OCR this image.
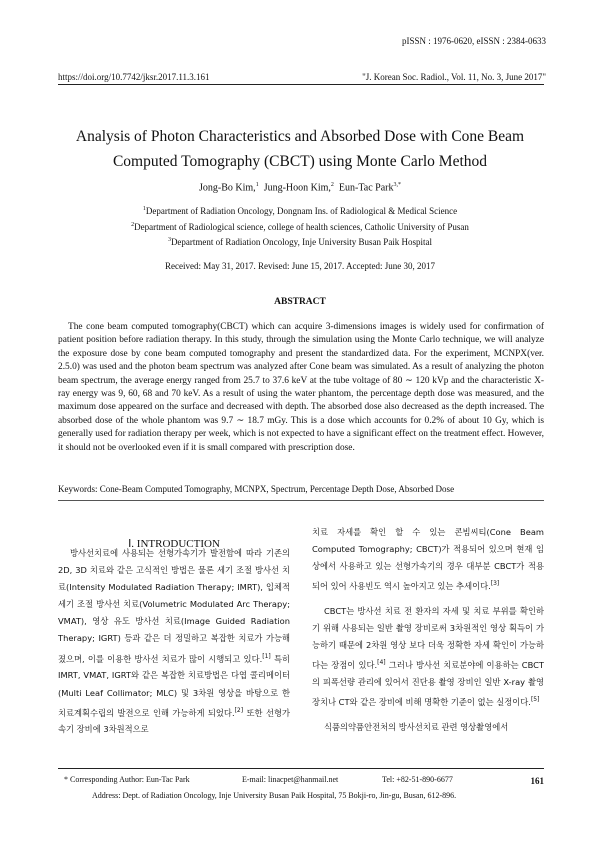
pISSN : 1976-0620, eISSN : 2384-0633
https://doi.org/10.7742/jksr.2017.11.3.161	"J. Korean Soc. Radiol., Vol. 11, No. 3, June 2017"
Analysis of Photon Characteristics and Absorbed Dose with Cone Beam
Computed Tomography (CBCT) using Monte Carlo Method
Jong-Bo Kim,$^1$ Jung-Hoon Kim,$^2$ Eun-Tac Park$^{3,*}$
$^1$Department of Radiation Oncology, Dongnam Ins. of Radiological & Medical Science
$^2$Department of Radiological science, college of health sciences, Catholic University of Pusan
$^3$Department of Radiation Oncology, Inje University Busan Paik Hospital
Received: May 31, 2017. Revised: June 15, 2017. Accepted: June 30, 2017
ABSTRACT

The cone beam computed tomography(CBCT) which can acquire 3-dimensions images is widely used for confirmation of patient position before radiation therapy. In this study, through the simulation using the Monte Carlo technique, we will analyze the exposure dose by cone beam computed tomography and present the standardized data. For the experiment, MCNPX(ver. 2.5.0) was used and the photon beam spectrum was analyzed after Cone beam was simulated. As a result of analyzing the photon beam spectrum, the average energy ranged from 25.7 to 37.6 keV at the tube voltage of 80 ∼ 120 kVp and the characteristic X-ray energy was 9, 60, 68 and 70 keV. As a result of using the water phantom, the percentage depth dose was measured, and the maximum dose appeared on the surface and decreased with depth. The absorbed dose also decreased as the depth increased. The absorbed dose of the whole phantom was 9.7 ∼ 18.7 mGy. This is a dose which accounts for 0.2% of about 10 Gy, which is generally used for radiation therapy per week, which is not expected to have a significant effect on the treatment effect. However, it should not be overlooked even if it is small compared with prescription dose.

Keywords: Cone-Beam Computed Tomography, MCNPX, Spectrum, Percentage Depth Dose, Absorbed Dose
Ⅰ. INTRODUCTION

방사선치료에 사용되는 선형가속기가 발전함에 따라 기존의 2D, 3D 치료와 같은 고식적인 방법은 물론 세기 조절 방사선 치료(Intensity Modulated Radiation Therapy; IMRT), 입체적 세기 조절 방사선 치료(Volumetric Modulated Arc Therapy; VMAT), 영상 유도 방사선 치료(Image Guided Radiation Therapy; IGRT) 등과 같은 더 정밀하고 복잡한 치료가 가능해졌으며, 이를 이용한 방사선 치료가 많이 시행되고 있다.[1] 특히 IMRT, VMAT, IGRT와 같은 복잡한 치료방법은 다엽 콜리메이터(Multi Leaf Collimator; MLC) 및 3차원 영상을 바탕으로 한 치료계획수립의 발전으로 인해 가능하게 되었다.[2] 또한 선형가속기 장비에 3차원적으로

치료 자세를 확인 할 수 있는 콘빔씨티(Cone Beam Computed Tomography; CBCT)가 적용되어 있으며 현재 임상에서 사용하고 있는 선형가속기의 경우 대부분 CBCT가 적용되어 있어 사용빈도 역시 높아지고 있는 추세이다.[3]

CBCT는 방사선 치료 전 환자의 자세 및 치료 부위를 확인하기 위해 사용되는 일반 촬영 장비로써 3차원적인 영상 획득이 가능하기 때문에 2차원 영상 보다 더욱 정확한 자세 확인이 가능하다는 장점이 있다.[4] 그러나 방사선 치료분야에 이용하는 CBCT의 피폭선량 관리에 있어서 진단용 촬영 장비인 일반 X-ray 촬영 장치나 CT와 같은 장비에 비해 명확한 기준이 없는 실정이다.[5]

식품의약품안전처의 방사선치료 관련 영상촬영에서

* Corresponding Author: Eun-Tac Park	E-mail: linacpet@hanmail.net	Tel: +82-51-890-6677
Address: Dept. of Radiation Oncology, Inje University Busan Paik Hospital, 75 Bokji-ro, Jin-gu, Busan, 612-896.
161
